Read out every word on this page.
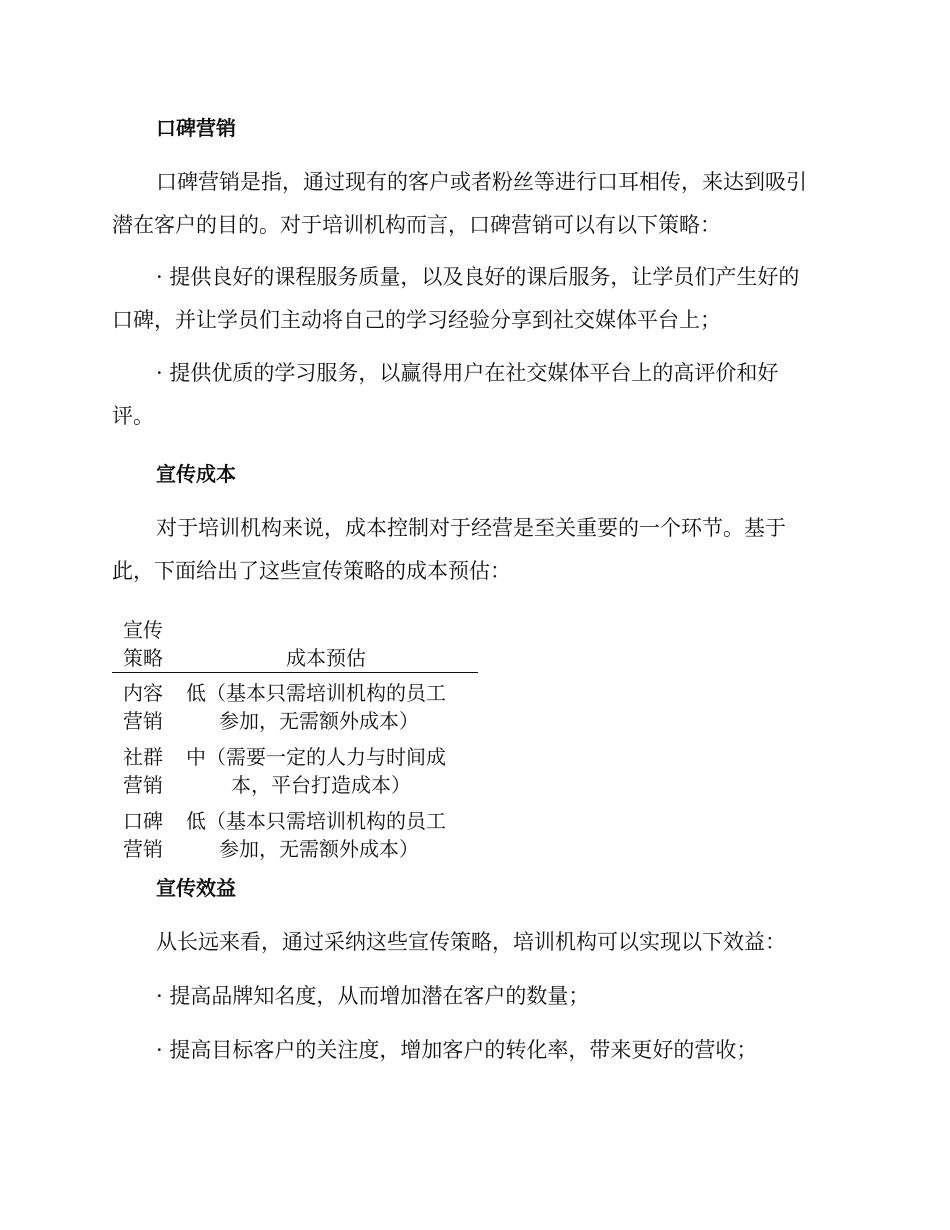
口碑营销
口碑营销是指，通过现有的客户或者粉丝等进行口耳相传，来达到吸引
潜在客户的目的。对于培训机构而言，口碑营销可以有以下策略：
· 提供良好的课程服务质量，以及良好的课后服务，让学员们产生好的
口碑，并让学员们主动将自己的学习经验分享到社交媒体平台上；
· 提供优质的学习服务，以赢得用户在社交媒体平台上的高评价和好
评。
宣传成本
对于培训机构来说，成本控制对于经营是至关重要的一个环节。基于
此，下面给出了这些宣传策略的成本预估：
宣传
策略	成本预估
内容
营销
低（基本只需培训机构的员工
参加，无需额外成本）
社群
营销
中（需要一定的人力与时间成
本，平台打造成本）
口碑
营销
低（基本只需培训机构的员工
参加，无需额外成本）
宣传效益
从长远来看，通过采纳这些宣传策略，培训机构可以实现以下效益：
· 提高品牌知名度，从而增加潜在客户的数量；
· 提高目标客户的关注度，增加客户的转化率，带来更好的营收；
